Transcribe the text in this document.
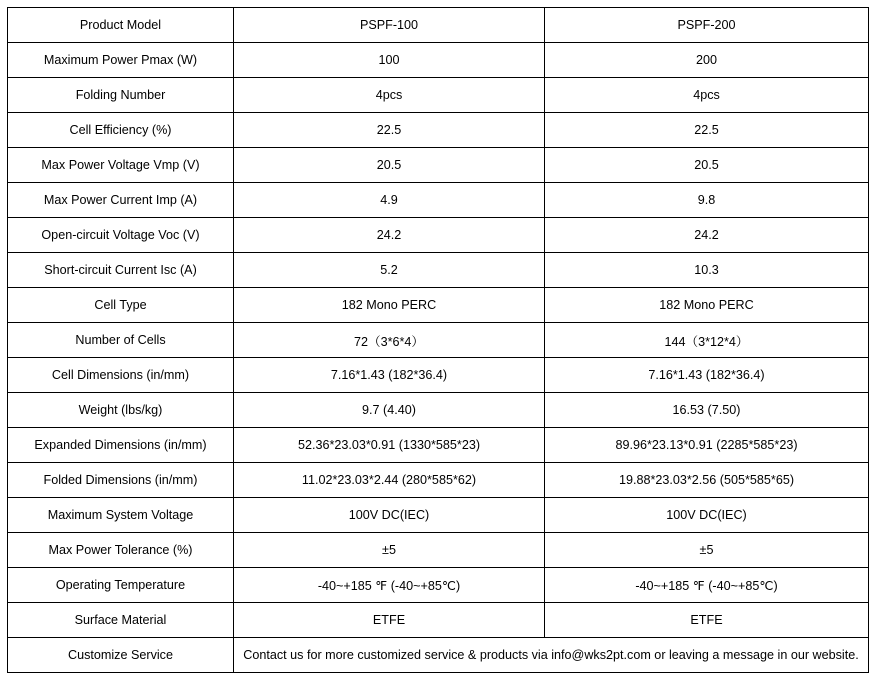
Product Model	PSPF-100	PSPF-200
Maximum Power Pmax (W)	100	200
Folding Number	4pcs	4pcs
Cell Efficiency (%)	22.5	22.5
Max Power Voltage Vmp (V)	20.5	20.5
Max Power Current Imp (A)	4.9	9.8
Open-circuit Voltage Voc (V)	24.2	24.2
Short-circuit Current Isc (A)	5.2	10.3
Cell Type	182 Mono PERC	182 Mono PERC
Number of Cells	72（3*6*4）	144（3*12*4）
Cell Dimensions (in/mm)	7.16*1.43 (182*36.4)	7.16*1.43 (182*36.4)
Weight (lbs/kg)	9.7 (4.40)	16.53 (7.50)
Expanded Dimensions (in/mm)	52.36*23.03*0.91 (1330*585*23)	89.96*23.13*0.91 (2285*585*23)
Folded Dimensions (in/mm)	11.02*23.03*2.44 (280*585*62)	19.88*23.03*2.56 (505*585*65)
Maximum System Voltage	100V DC(IEC)	100V DC(IEC)
Max Power Tolerance (%)	±5	±5
Operating Temperature	-40~+185 ℉ (-40~+85℃)	-40~+185 ℉ (-40~+85℃)
Surface Material	ETFE	ETFE
Customize Service	Contact us for more customized service & products via info@wks2pt.com or leaving a message in our website.	
